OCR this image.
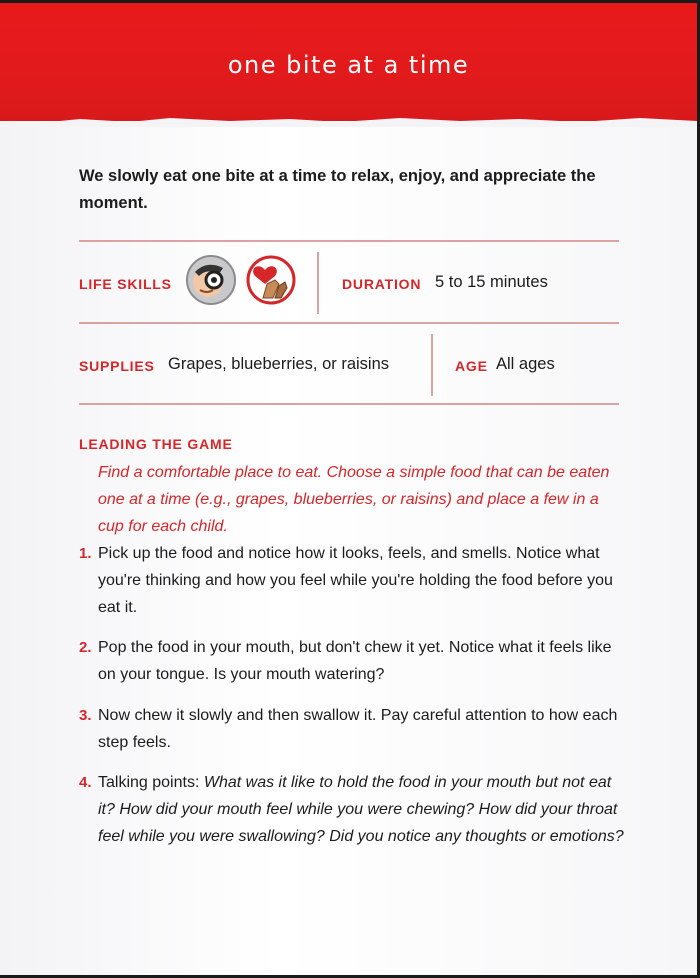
one bite at a time
We slowly eat one bite at a time to relax, enjoy, and appreciate the moment.
LIFE SKILLS	DURATION 5 to 15 minutes
SUPPLIES Grapes, blueberries, or raisins	AGE All ages
LEADING THE GAME
Find a comfortable place to eat. Choose a simple food that can be eaten one at a time (e.g., grapes, blueberries, or raisins) and place a few in a cup for each child.
1. Pick up the food and notice how it looks, feels, and smells. Notice what you're thinking and how you feel while you're holding the food before you eat it.
2. Pop the food in your mouth, but don't chew it yet. Notice what it feels like on your tongue. Is your mouth watering?
3. Now chew it slowly and then swallow it. Pay careful attention to how each step feels.
4. Talking points: What was it like to hold the food in your mouth but not eat it? How did your mouth feel while you were chewing? How did your throat feel while you were swallowing? Did you notice any thoughts or emotions?
